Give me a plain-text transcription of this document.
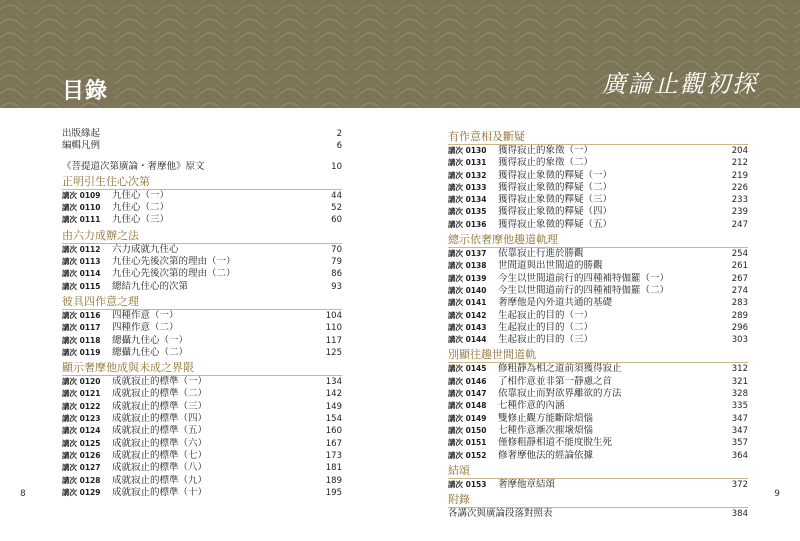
目錄	廣論止觀初探
出版緣起	2
編輯凡例	6
《菩提道次第廣論・奢摩他》原文	10
正明引生住心次第
講次 0109	九住心（一）	44
講次 0110	九住心（二）	52
講次 0111	九住心（三）	60
由六力成辦之法
講次 0112	六力成就九住心	70
講次 0113	九住心先後次第的理由（一）	79
講次 0114	九住心先後次第的理由（二）	86
講次 0115	總結九住心的次第	93
彼具四作意之理
講次 0116	四種作意（一）	104
講次 0117	四種作意（二）	110
講次 0118	總攝九住心（一）	117
講次 0119	總攝九住心（二）	125
顯示奢摩他成與未成之界限
講次 0120	成就寂止的標準（一）	134
講次 0121	成就寂止的標準（二）	142
講次 0122	成就寂止的標準（三）	149
講次 0123	成就寂止的標準（四）	154
講次 0124	成就寂止的標準（五）	160
講次 0125	成就寂止的標準（六）	167
講次 0126	成就寂止的標準（七）	173
講次 0127	成就寂止的標準（八）	181
講次 0128	成就寂止的標準（九）	189
講次 0129	成就寂止的標準（十）	195
有作意相及斷疑
講次 0130	獲得寂止的象徵（一）	204
講次 0131	獲得寂止的象徵（二）	212
講次 0132	獲得寂止象徵的釋疑（一）	219
講次 0133	獲得寂止象徵的釋疑（二）	226
講次 0134	獲得寂止象徵的釋疑（三）	233
講次 0135	獲得寂止象徵的釋疑（四）	239
講次 0136	獲得寂止象徵的釋疑（五）	247
總示依奢摩他趣道軌理
講次 0137	依靠寂止行進於勝觀	254
講次 0138	世間道與出世間道的勝觀	261
講次 0139	今生以世間道前行的四種補特伽羅（一）	267
講次 0140	今生以世間道前行的四種補特伽羅（二）	274
講次 0141	奢摩他是內外道共通的基礎	283
講次 0142	生起寂止的目的（一）	289
講次 0143	生起寂止的目的（二）	296
講次 0144	生起寂止的目的（三）	303
別顯往趣世間道軌
講次 0145	修粗靜為相之道前須獲得寂止	312
講次 0146	了相作意並非第一靜慮之首	321
講次 0147	依靠寂止而對欲界離欲的方法	328
講次 0148	七種作意的內涵	335
講次 0149	雙修止觀方能斷除煩惱	347
講次 0150	七種作意漸次摧壞煩惱	347
講次 0151	僅修粗靜相道不能度脫生死	357
講次 0152	修奢摩他法的經論依據	364
結頌
講次 0153	奢摩他章結頌	372
附錄
各講次與廣論段落對照表	384
8	9
